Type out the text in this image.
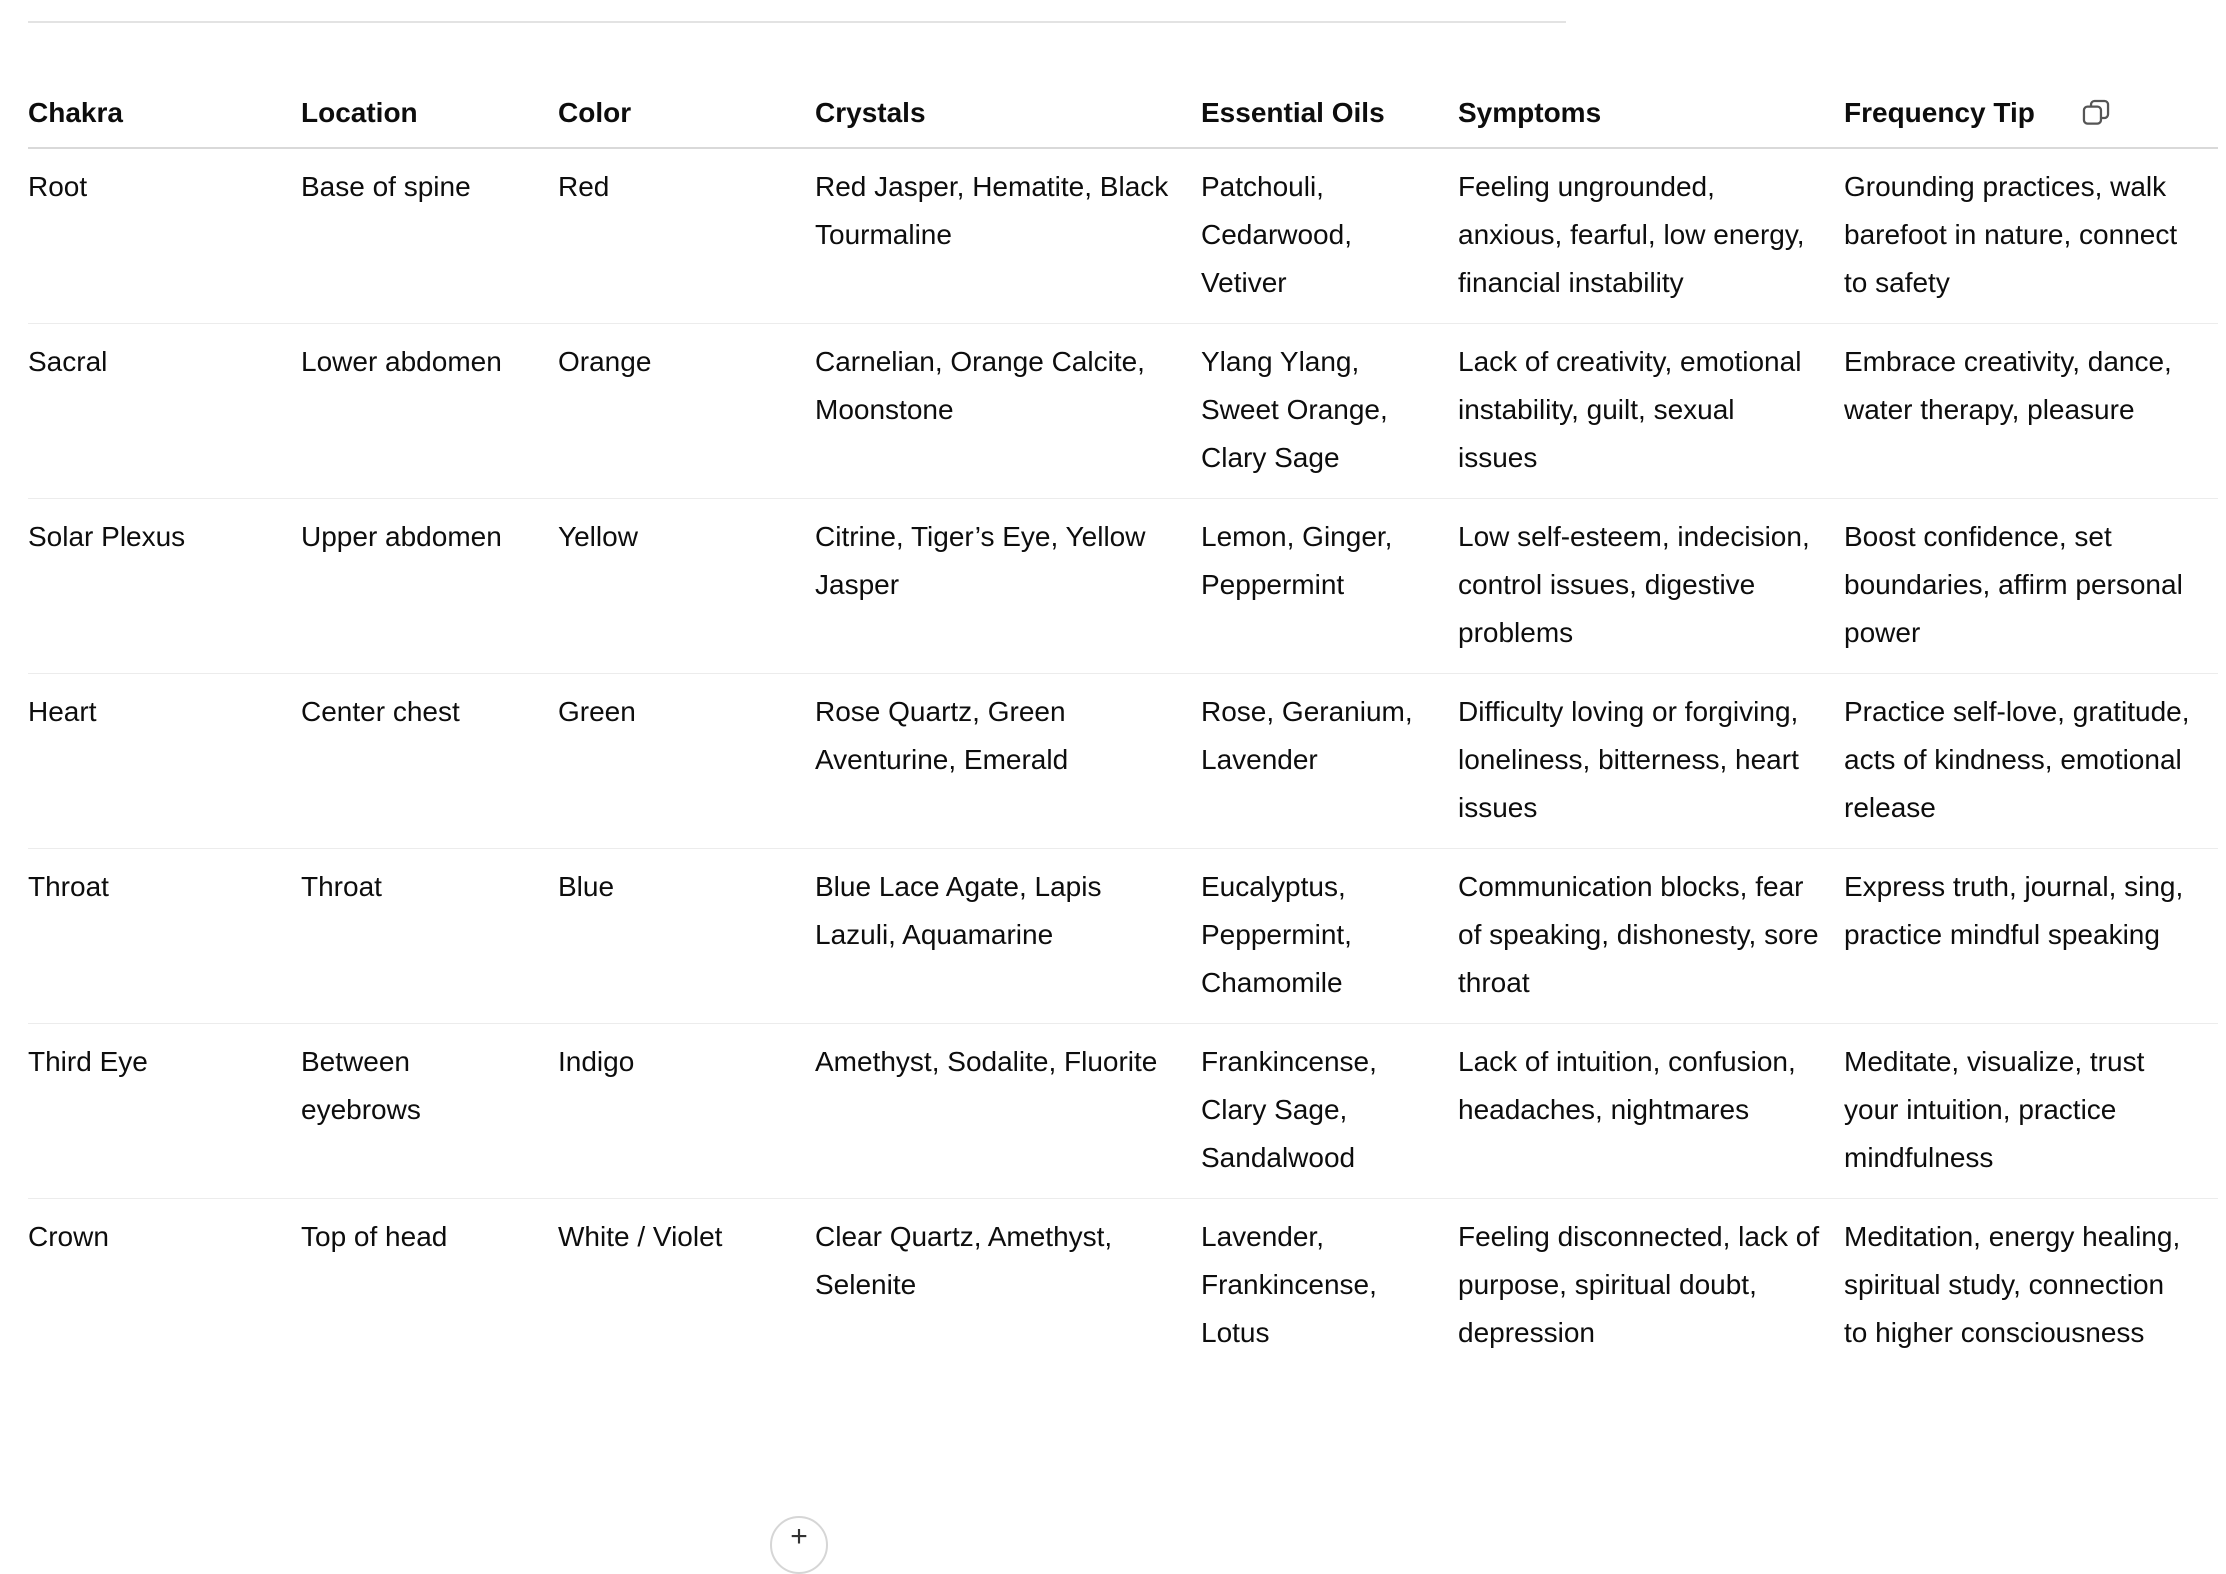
Chakra	Location	Color	Crystals	Essential Oils	Symptoms	Frequency Tip

Root	Base of spine	Red	Red Jasper, Hematite, Black Tourmaline	Patchouli, Cedarwood, Vetiver	Feeling ungrounded, anxious, fearful, low energy, financial instability	Grounding practices, walk barefoot in nature, connect to safety
Sacral	Lower abdomen	Orange	Carnelian, Orange Calcite, Moonstone	Ylang Ylang, Sweet Orange, Clary Sage	Lack of creativity, emotional instability, guilt, sexual issues	Embrace creativity, dance, water therapy, pleasure
Solar Plexus	Upper abdomen	Yellow	Citrine, Tiger’s Eye, Yellow Jasper	Lemon, Ginger, Peppermint	Low self-esteem, indecision, control issues, digestive problems	Boost confidence, set boundaries, affirm personal power
Heart	Center chest	Green	Rose Quartz, Green Aventurine, Emerald	Rose, Geranium, Lavender	Difficulty loving or forgiving, loneliness, bitterness, heart issues	Practice self-love, gratitude, acts of kindness, emotional release
Throat	Throat	Blue	Blue Lace Agate, Lapis Lazuli, Aquamarine	Eucalyptus, Peppermint, Chamomile	Communication blocks, fear of speaking, dishonesty, sore throat	Express truth, journal, sing, practice mindful speaking
Third Eye	Between eyebrows	Indigo	Amethyst, Sodalite, Fluorite	Frankincense, Clary Sage, Sandalwood	Lack of intuition, confusion, headaches, nightmares	Meditate, visualize, trust your intuition, practice mindfulness
Crown	Top of head	White / Violet	Clear Quartz, Amethyst, Selenite	Lavender, Frankincense, Lotus	Feeling disconnected, lack of purpose, spiritual doubt, depression	Meditation, energy healing, spiritual study, connection to higher consciousness
+
